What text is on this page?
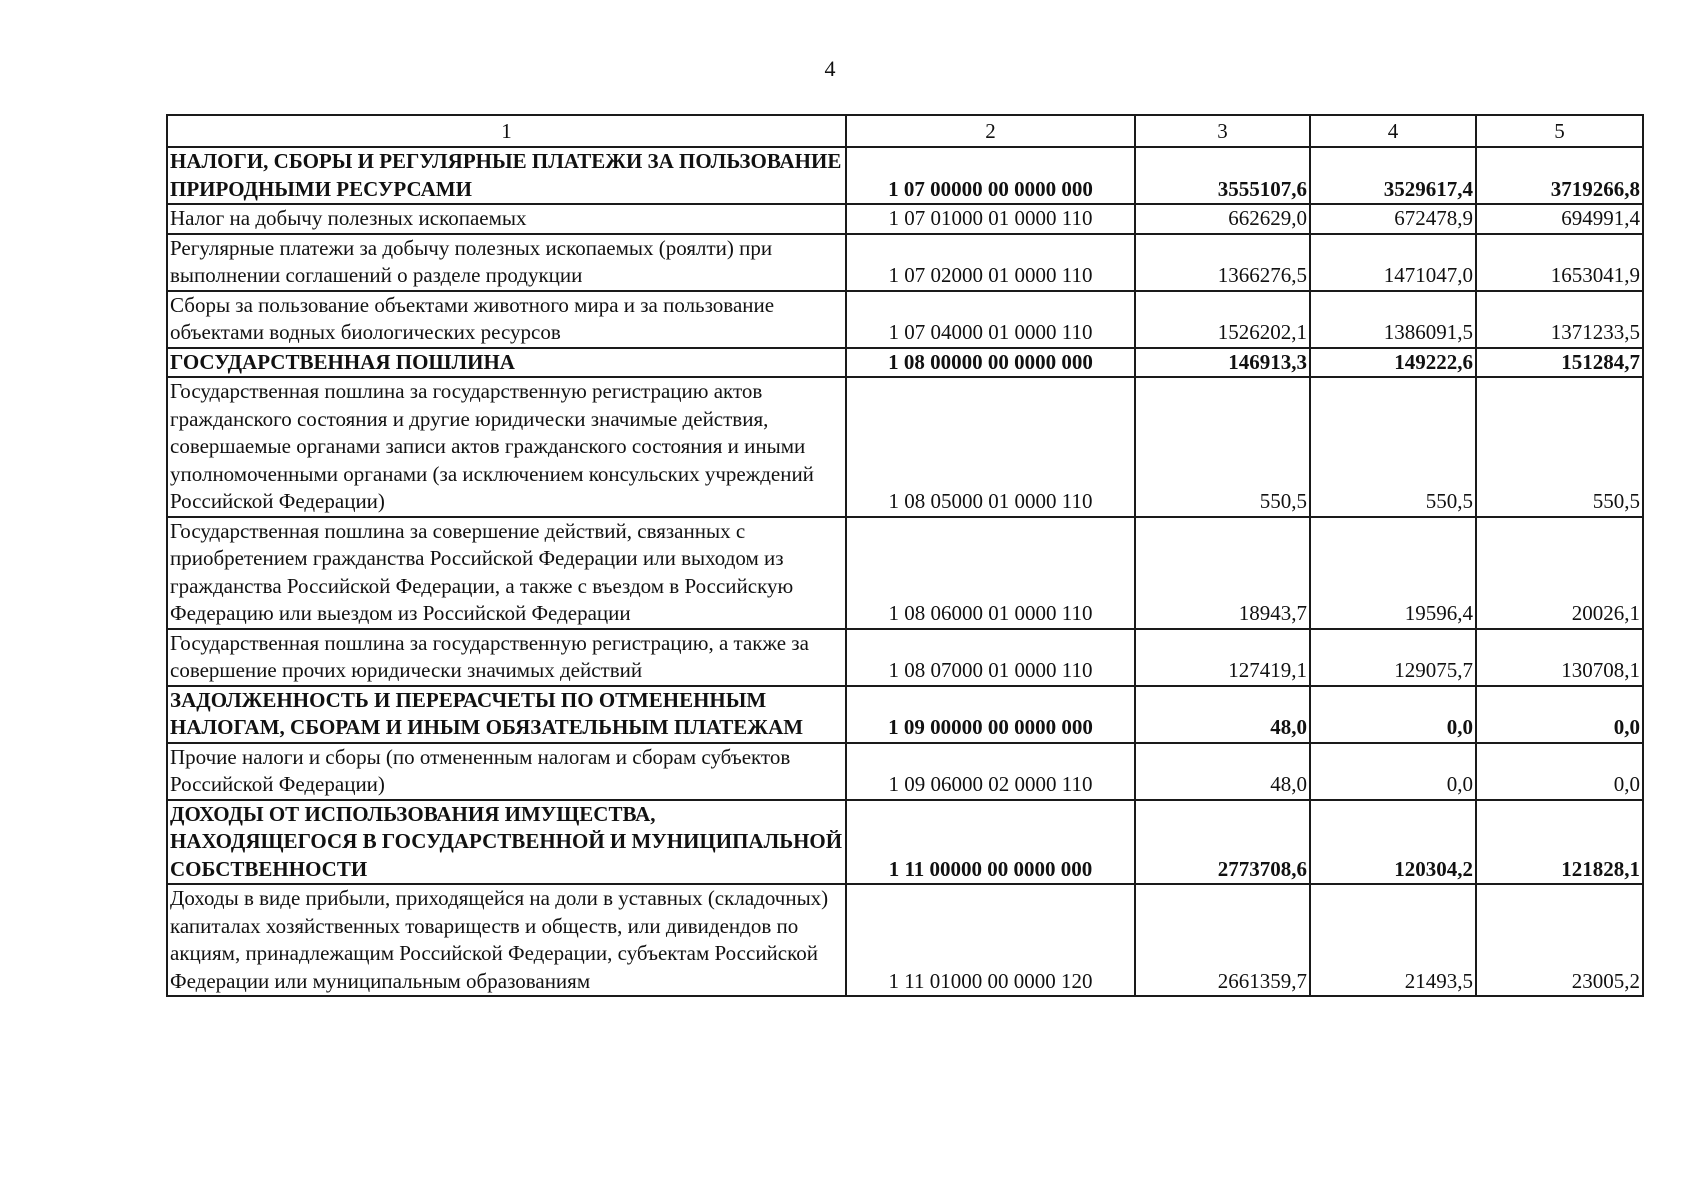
4
1	2	3	4	5
НАЛОГИ, СБОРЫ И РЕГУЛЯРНЫЕ ПЛАТЕЖИ ЗА ПОЛЬЗОВАНИЕ ПРИРОДНЫМИ РЕСУРСАМИ	1 07 00000 00 0000 000	3555107,6	3529617,4	3719266,8
Налог на добычу полезных ископаемых	1 07 01000 01 0000 110	662629,0	672478,9	694991,4
Регулярные платежи за добычу полезных ископаемых (роялти) при выполнении соглашений о разделе продукции	1 07 02000 01 0000 110	1366276,5	1471047,0	1653041,9
Сборы за пользование объектами животного мира и за пользование объектами водных биологических ресурсов	1 07 04000 01 0000 110	1526202,1	1386091,5	1371233,5
ГОСУДАРСТВЕННАЯ ПОШЛИНА	1 08 00000 00 0000 000	146913,3	149222,6	151284,7
Государственная пошлина за государственную регистрацию актов гражданского состояния и другие юридически значимые действия, совершаемые органами записи актов гражданского состояния и иными уполномоченными органами (за исключением консульских учреждений Российской Федерации)	1 08 05000 01 0000 110	550,5	550,5	550,5
Государственная пошлина за совершение действий, связанных с приобретением гражданства Российской Федерации или выходом из гражданства Российской Федерации, а также с въездом в Российскую Федерацию или выездом из Российской Федерации	1 08 06000 01 0000 110	18943,7	19596,4	20026,1
Государственная пошлина за государственную регистрацию, а также за совершение прочих юридически значимых действий	1 08 07000 01 0000 110	127419,1	129075,7	130708,1
ЗАДОЛЖЕННОСТЬ И ПЕРЕРАСЧЕТЫ ПО ОТМЕНЕННЫМ НАЛОГАМ, СБОРАМ И ИНЫМ ОБЯЗАТЕЛЬНЫМ ПЛАТЕЖАМ	1 09 00000 00 0000 000	48,0	0,0	0,0
Прочие налоги и сборы (по отмененным налогам и сборам субъектов Российской Федерации)	1 09 06000 02 0000 110	48,0	0,0	0,0
ДОХОДЫ ОТ ИСПОЛЬЗОВАНИЯ ИМУЩЕСТВА, НАХОДЯЩЕГОСЯ В ГОСУДАРСТВЕННОЙ И МУНИЦИПАЛЬНОЙ СОБСТВЕННОСТИ	1 11 00000 00 0000 000	2773708,6	120304,2	121828,1
Доходы в виде прибыли, приходящейся на доли в уставных (складочных) капиталах хозяйственных товариществ и обществ, или дивидендов по акциям, принадлежащим Российской Федерации, субъектам Российской Федерации или муниципальным образованиям	1 11 01000 00 0000 120	2661359,7	21493,5	23005,2
